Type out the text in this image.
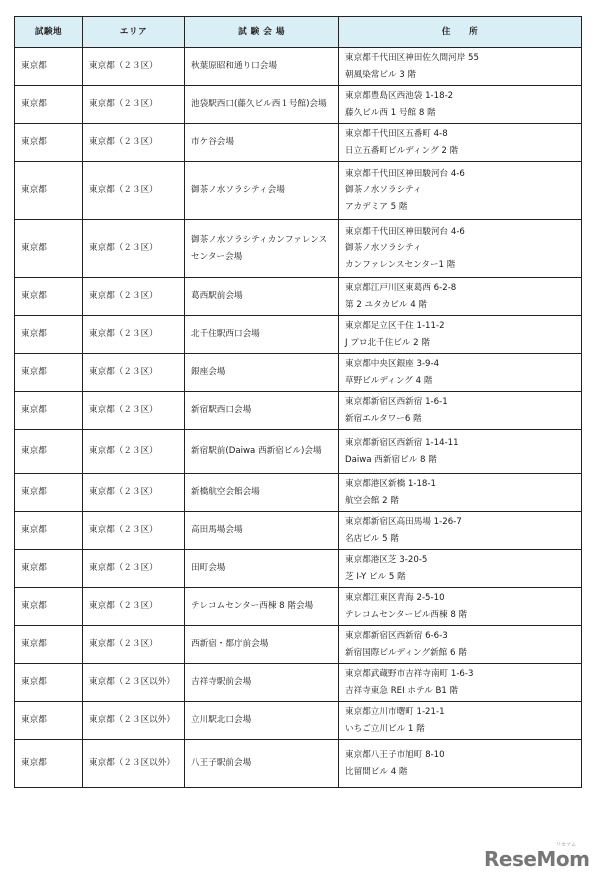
試験地	エリア	試 験 会 場	住　　所
東京都	東京都（２３区）	秋葉原昭和通り口会場	東京都千代田区神田佐久間河岸 55
朝風染常ビル 3 階

東京都	東京都（２３区）	池袋駅西口(藤久ビル西１号館)会場	東京都豊島区西池袋 1-18-2
藤久ビル西 1 号館 8 階

東京都	東京都（２３区）	市ケ谷会場	東京都千代田区五番町 4-8
日立五番町ビルディング 2 階

東京都	東京都（２３区）	御茶ノ水ソラシティ会場	東京都千代田区神田駿河台 4-6
御茶ノ水ソラシティ
アカデミア 5 階

東京都	東京都（２３区）	御茶ノ水ソラシティカンファレンスセンター会場	東京都千代田区神田駿河台 4-6
御茶ノ水ソラシティ
カンファレンスセンター1 階

東京都	東京都（２３区）	葛西駅前会場	東京都江戸川区東葛西 6-2-8
第 2 ユタカビル 4 階

東京都	東京都（２３区）	北千住駅西口会場	東京都足立区千住 1-11-2
J プロ北千住ビル 2 階

東京都	東京都（２３区）	銀座会場	東京都中央区銀座 3-9-4
草野ビルディング 4 階

東京都	東京都（２３区）	新宿駅西口会場	東京都新宿区西新宿 1-6-1
新宿エルタワー6 階

東京都	東京都（２３区）	新宿駅前(Daiwa 西新宿ビル)会場	東京都新宿区西新宿 1-14-11
Daiwa 西新宿ビル 8 階

東京都	東京都（２３区）	新橋航空会館会場	東京都港区新橋 1-18-1
航空会館 2 階

東京都	東京都（２３区）	高田馬場会場	東京都新宿区高田馬場 1-26-7
名店ビル 5 階

東京都	東京都（２３区）	田町会場	東京都港区芝 3-20-5
芝 I-Y ビル 5 階

東京都	東京都（２３区）	テレコムセンター西棟 8 階会場	東京都江東区青海 2-5-10
テレコムセンタービル西棟 8 階

東京都	東京都（２３区）	西新宿・都庁前会場	東京都新宿区西新宿 6-6-3
新宿国際ビルディング新館 6 階

東京都	東京都（２３区以外）	吉祥寺駅前会場	東京都武蔵野市吉祥寺南町 1-6-3
吉祥寺東急 REI ホテル B1 階

東京都	東京都（２３区以外）	立川駅北口会場	東京都立川市曙町 1-21-1
いちご立川ビル 1 階

東京都	東京都（２３区以外）	八王子駅前会場	東京都八王子市旭町 8-10
比留間ビル 4 階
ReseMom
リセマム
